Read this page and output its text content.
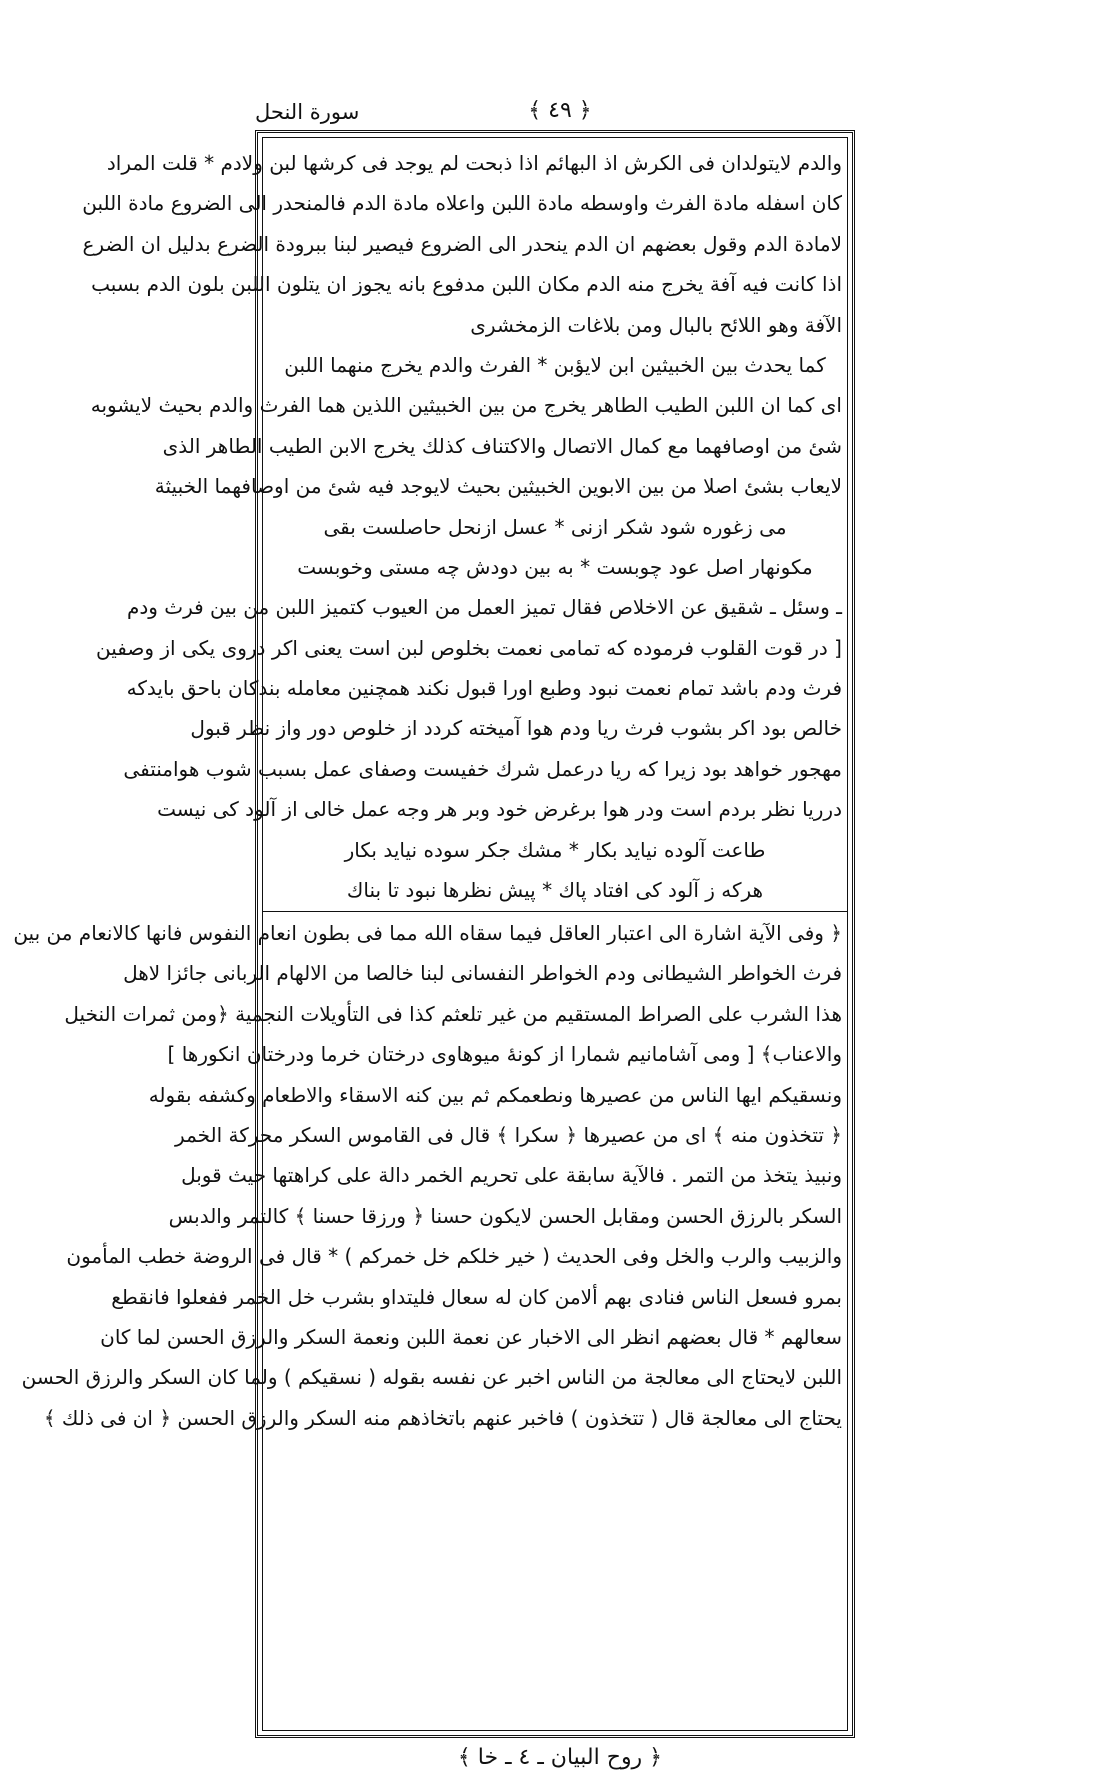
﴿ ٤٩ ﴾
سورة النحل
والدم لايتولدان فى الكرش اذ البهائم اذا ذبحت لم يوجد فى كرشها لبن ولادم * قلت المراد
كان اسفله مادة الفرث واوسطه مادة اللبن واعلاه مادة الدم فالمنحدر الى الضروع مادة اللبن
لامادة الدم وقول بعضهم ان الدم ينحدر الى الضروع فيصير لبنا ببرودة الضرع بدليل ان الضرع
اذا كانت فيه آفة يخرج منه الدم مكان اللبن مدفوع بانه يجوز ان يتلون اللبن بلون الدم بسبب
الآفة وهو اللائح بالبال ومن بلاغات الزمخشرى
كما يحدث بين الخبيثين ابن لايؤبن * الفرث والدم يخرج منهما اللبن
اى كما ان اللبن الطيب الطاهر يخرج من بين الخبيثين اللذين هما الفرث والدم بحيث لايشوبه
شئ من اوصافهما مع كمال الاتصال والاكتناف كذلك يخرج الابن الطيب الطاهر الذى
لايعاب بشئ اصلا من بين الابوين الخبيثين بحيث لايوجد فيه شئ من اوصافهما الخبيثة
مى زغوره شود شكر ازنى * عسل ازنحل حاصلست بقى
مكونهار اصل عود چوبست * به بين دودش چه مستى وخوبست
ـ وسئل ـ شقيق عن الاخلاص فقال تميز العمل من العيوب كتميز اللبن من بين فرث ودم
[ در قوت القلوب فرموده كه تمامى نعمت بخلوص لبن است يعنى اكر دروى يكى از وصفين
فرث ودم باشد تمام نعمت نبود وطبع اورا قبول نكند همچنين معامله بندكان باحق بايدكه
خالص بود اكر بشوب فرث ريا ودم هوا آميخته كردد از خلوص دور واز نظر قبول
مهجور خواهد بود زيرا كه ريا درعمل شرك خفيست وصفاى عمل بسبب شوب هوامنتفى
درريا نظر بردم است ودر هوا برغرض خود وبر هر وجه عمل خالى از آلود كى نيست
طاعت آلوده نيايد بكار * مشك جكر سوده نيايد بكار
هركه ز آلود كى افتاد پاك * پيش نظرها نبود تا بناك
﴿ وفى الآية اشارة الى اعتبار العاقل فيما سقاه الله مما فى بطون انعام النفوس فانها كالانعام من بين
فرث الخواطر الشيطانى ودم الخواطر النفسانى لبنا خالصا من الالهام الربانى جائزا لاهل
هذا الشرب على الصراط المستقيم من غير تلعثم كذا فى التأويلات النجمية ﴿ومن ثمرات النخيل
والاعناب﴾ [ ومى آشامانيم شمارا از كونهٔ ميوهاوى درختان خرما ودرختان انكورها ]
ونسقيكم ايها الناس من عصيرها ونطعمكم ثم بين كنه الاسقاء والاطعام وكشفه بقوله
﴿ تتخذون منه ﴾ اى من عصيرها ﴿ سكرا ﴾ قال فى القاموس السكر محركة الخمر
ونبيذ يتخذ من التمر . فالآية سابقة على تحريم الخمر دالة على كراهتها حيث قوبل
السكر بالرزق الحسن ومقابل الحسن لايكون حسنا ﴿ ورزقا حسنا ﴾ كالتمر والدبس
والزبيب والرب والخل وفى الحديث ( خير خلكم خل خمركم ) * قال فى الروضة خطب المأمون
بمرو فسعل الناس فنادى بهم ألامن كان له سعال فليتداو بشرب خل الخمر ففعلوا فانقطع
سعالهم * قال بعضهم انظر الى الاخبار عن نعمة اللبن ونعمة السكر والرزق الحسن لما كان
اللبن لايحتاج الى معالجة من الناس اخبر عن نفسه بقوله ( نسقيكم ) ولما كان السكر والرزق الحسن
يحتاج الى معالجة قال ( تتخذون ) فاخبر عنهم باتخاذهم منه السكر والرزق الحسن ﴿ ان فى ذلك ﴾
﴿ روح البيان ـ ٤ ـ خا ﴾
